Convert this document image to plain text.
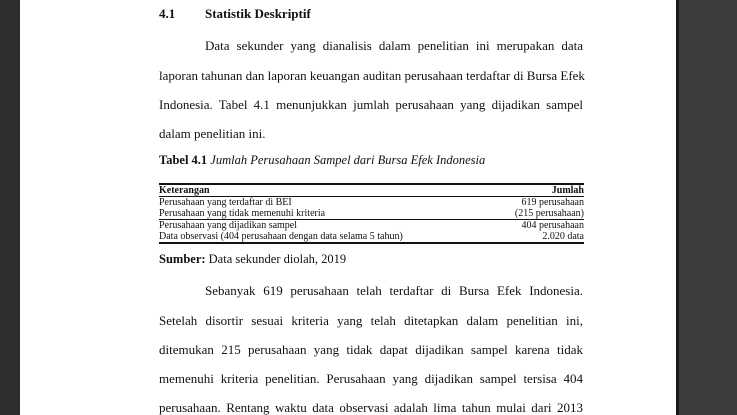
4.1 Statistik Deskriptif
Data sekunder yang dianalisis dalam penelitian ini merupakan data
laporan tahunan dan laporan keuangan auditan perusahaan terdaftar di Bursa Efek
Indonesia. Tabel 4.1 menunjukkan jumlah perusahaan yang dijadikan sampel
dalam penelitian ini.
Tabel 4.1 Jumlah Perusahaan Sampel dari Bursa Efek Indonesia
Keterangan	Jumlah
Perusahaan yang terdaftar di BEI	619 perusahaan
Perusahaan yang tidak memenuhi kriteria	(215 perusahaan)
Perusahaan yang dijadikan sampel	404 perusahaan
Data observasi (404 perusahaan dengan data selama 5 tahun)	2.020 data
Sumber: Data sekunder diolah, 2019
Sebanyak 619 perusahaan telah terdaftar di Bursa Efek Indonesia.
Setelah disortir sesuai kriteria yang telah ditetapkan dalam penelitian ini,
ditemukan 215 perusahaan yang tidak dapat dijadikan sampel karena tidak
memenuhi kriteria penelitian. Perusahaan yang dijadikan sampel tersisa 404
perusahaan. Rentang waktu data observasi adalah lima tahun mulai dari 2013
